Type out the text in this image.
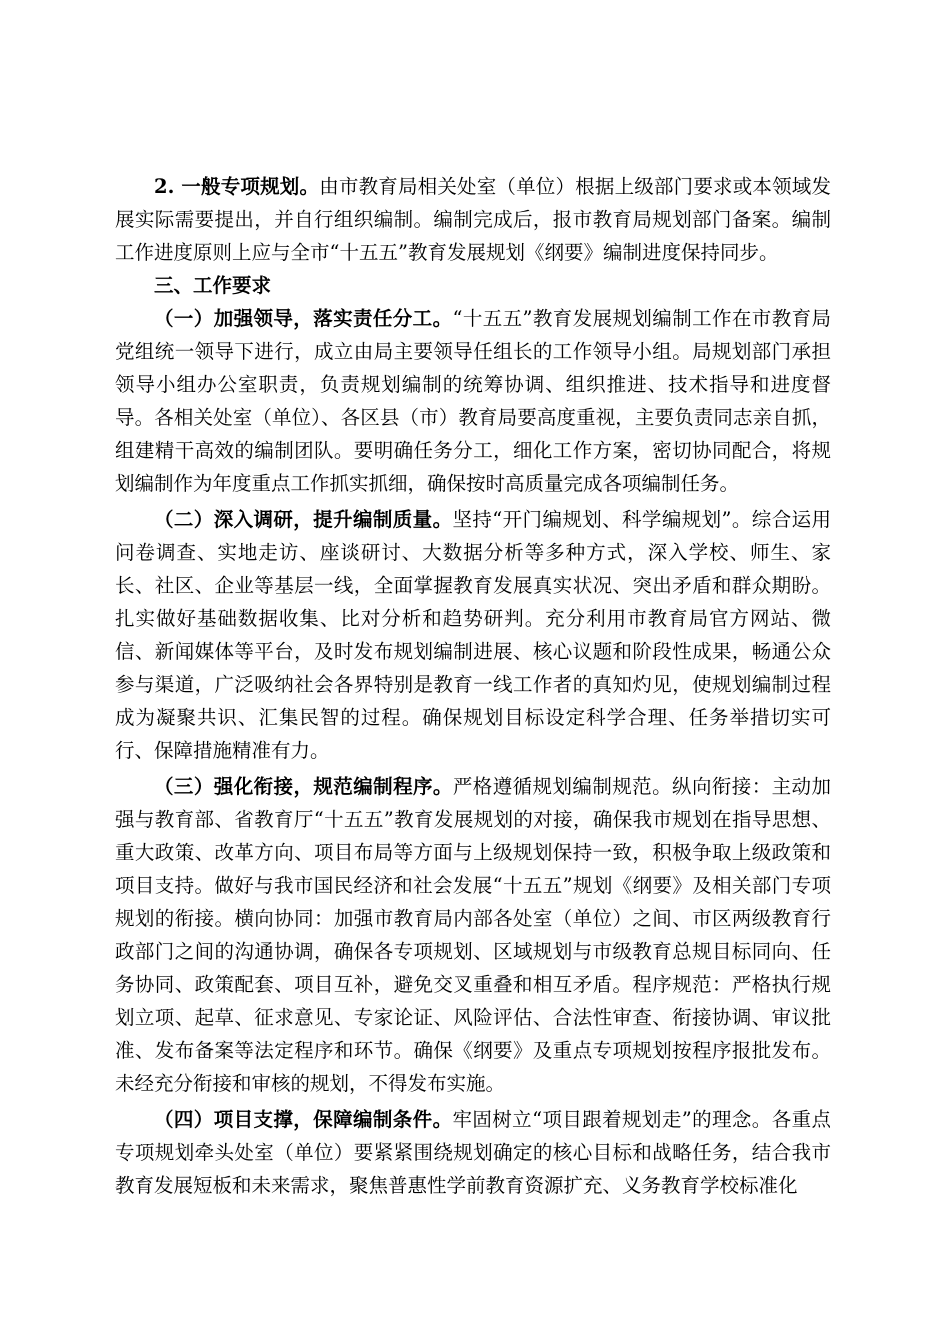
2. 一般专项规划。由市教育局相关处室（单位）根据上级部门要求或本领域发展实际需要提出，并自行组织编制。编制完成后，报市教育局规划部门备案。编制工作进度原则上应与全市“十五五”教育发展规划《纲要》编制进度保持同步。

三、工作要求

（一）加强领导，落实责任分工。“十五五”教育发展规划编制工作在市教育局党组统一领导下进行，成立由局主要领导任组长的工作领导小组。局规划部门承担领导小组办公室职责，负责规划编制的统筹协调、组织推进、技术指导和进度督导。各相关处室（单位）、各区县（市）教育局要高度重视，主要负责同志亲自抓，组建精干高效的编制团队。要明确任务分工，细化工作方案，密切协同配合，将规划编制作为年度重点工作抓实抓细，确保按时高质量完成各项编制任务。

（二）深入调研，提升编制质量。坚持“开门编规划、科学编规划”。综合运用问卷调查、实地走访、座谈研讨、大数据分析等多种方式，深入学校、师生、家长、社区、企业等基层一线，全面掌握教育发展真实状况、突出矛盾和群众期盼。扎实做好基础数据收集、比对分析和趋势研判。充分利用市教育局官方网站、微信、新闻媒体等平台，及时发布规划编制进展、核心议题和阶段性成果，畅通公众参与渠道，广泛吸纳社会各界特别是教育一线工作者的真知灼见，使规划编制过程成为凝聚共识、汇集民智的过程。确保规划目标设定科学合理、任务举措切实可行、保障措施精准有力。

（三）强化衔接，规范编制程序。严格遵循规划编制规范。纵向衔接：主动加强与教育部、省教育厅“十五五”教育发展规划的对接，确保我市规划在指导思想、重大政策、改革方向、项目布局等方面与上级规划保持一致，积极争取上级政策和项目支持。做好与我市国民经济和社会发展“十五五”规划《纲要》及相关部门专项规划的衔接。横向协同：加强市教育局内部各处室（单位）之间、市区两级教育行政部门之间的沟通协调，确保各专项规划、区域规划与市级教育总规目标同向、任务协同、政策配套、项目互补，避免交叉重叠和相互矛盾。程序规范：严格执行规划立项、起草、征求意见、专家论证、风险评估、合法性审查、衔接协调、审议批准、发布备案等法定程序和环节。确保《纲要》及重点专项规划按程序报批发布。未经充分衔接和审核的规划，不得发布实施。

（四）项目支撑，保障编制条件。牢固树立“项目跟着规划走”的理念。各重点专项规划牵头处室（单位）要紧紧围绕规划确定的核心目标和战略任务，结合我市教育发展短板和未来需求，聚焦普惠性学前教育资源扩充、义务教育学校标准化
